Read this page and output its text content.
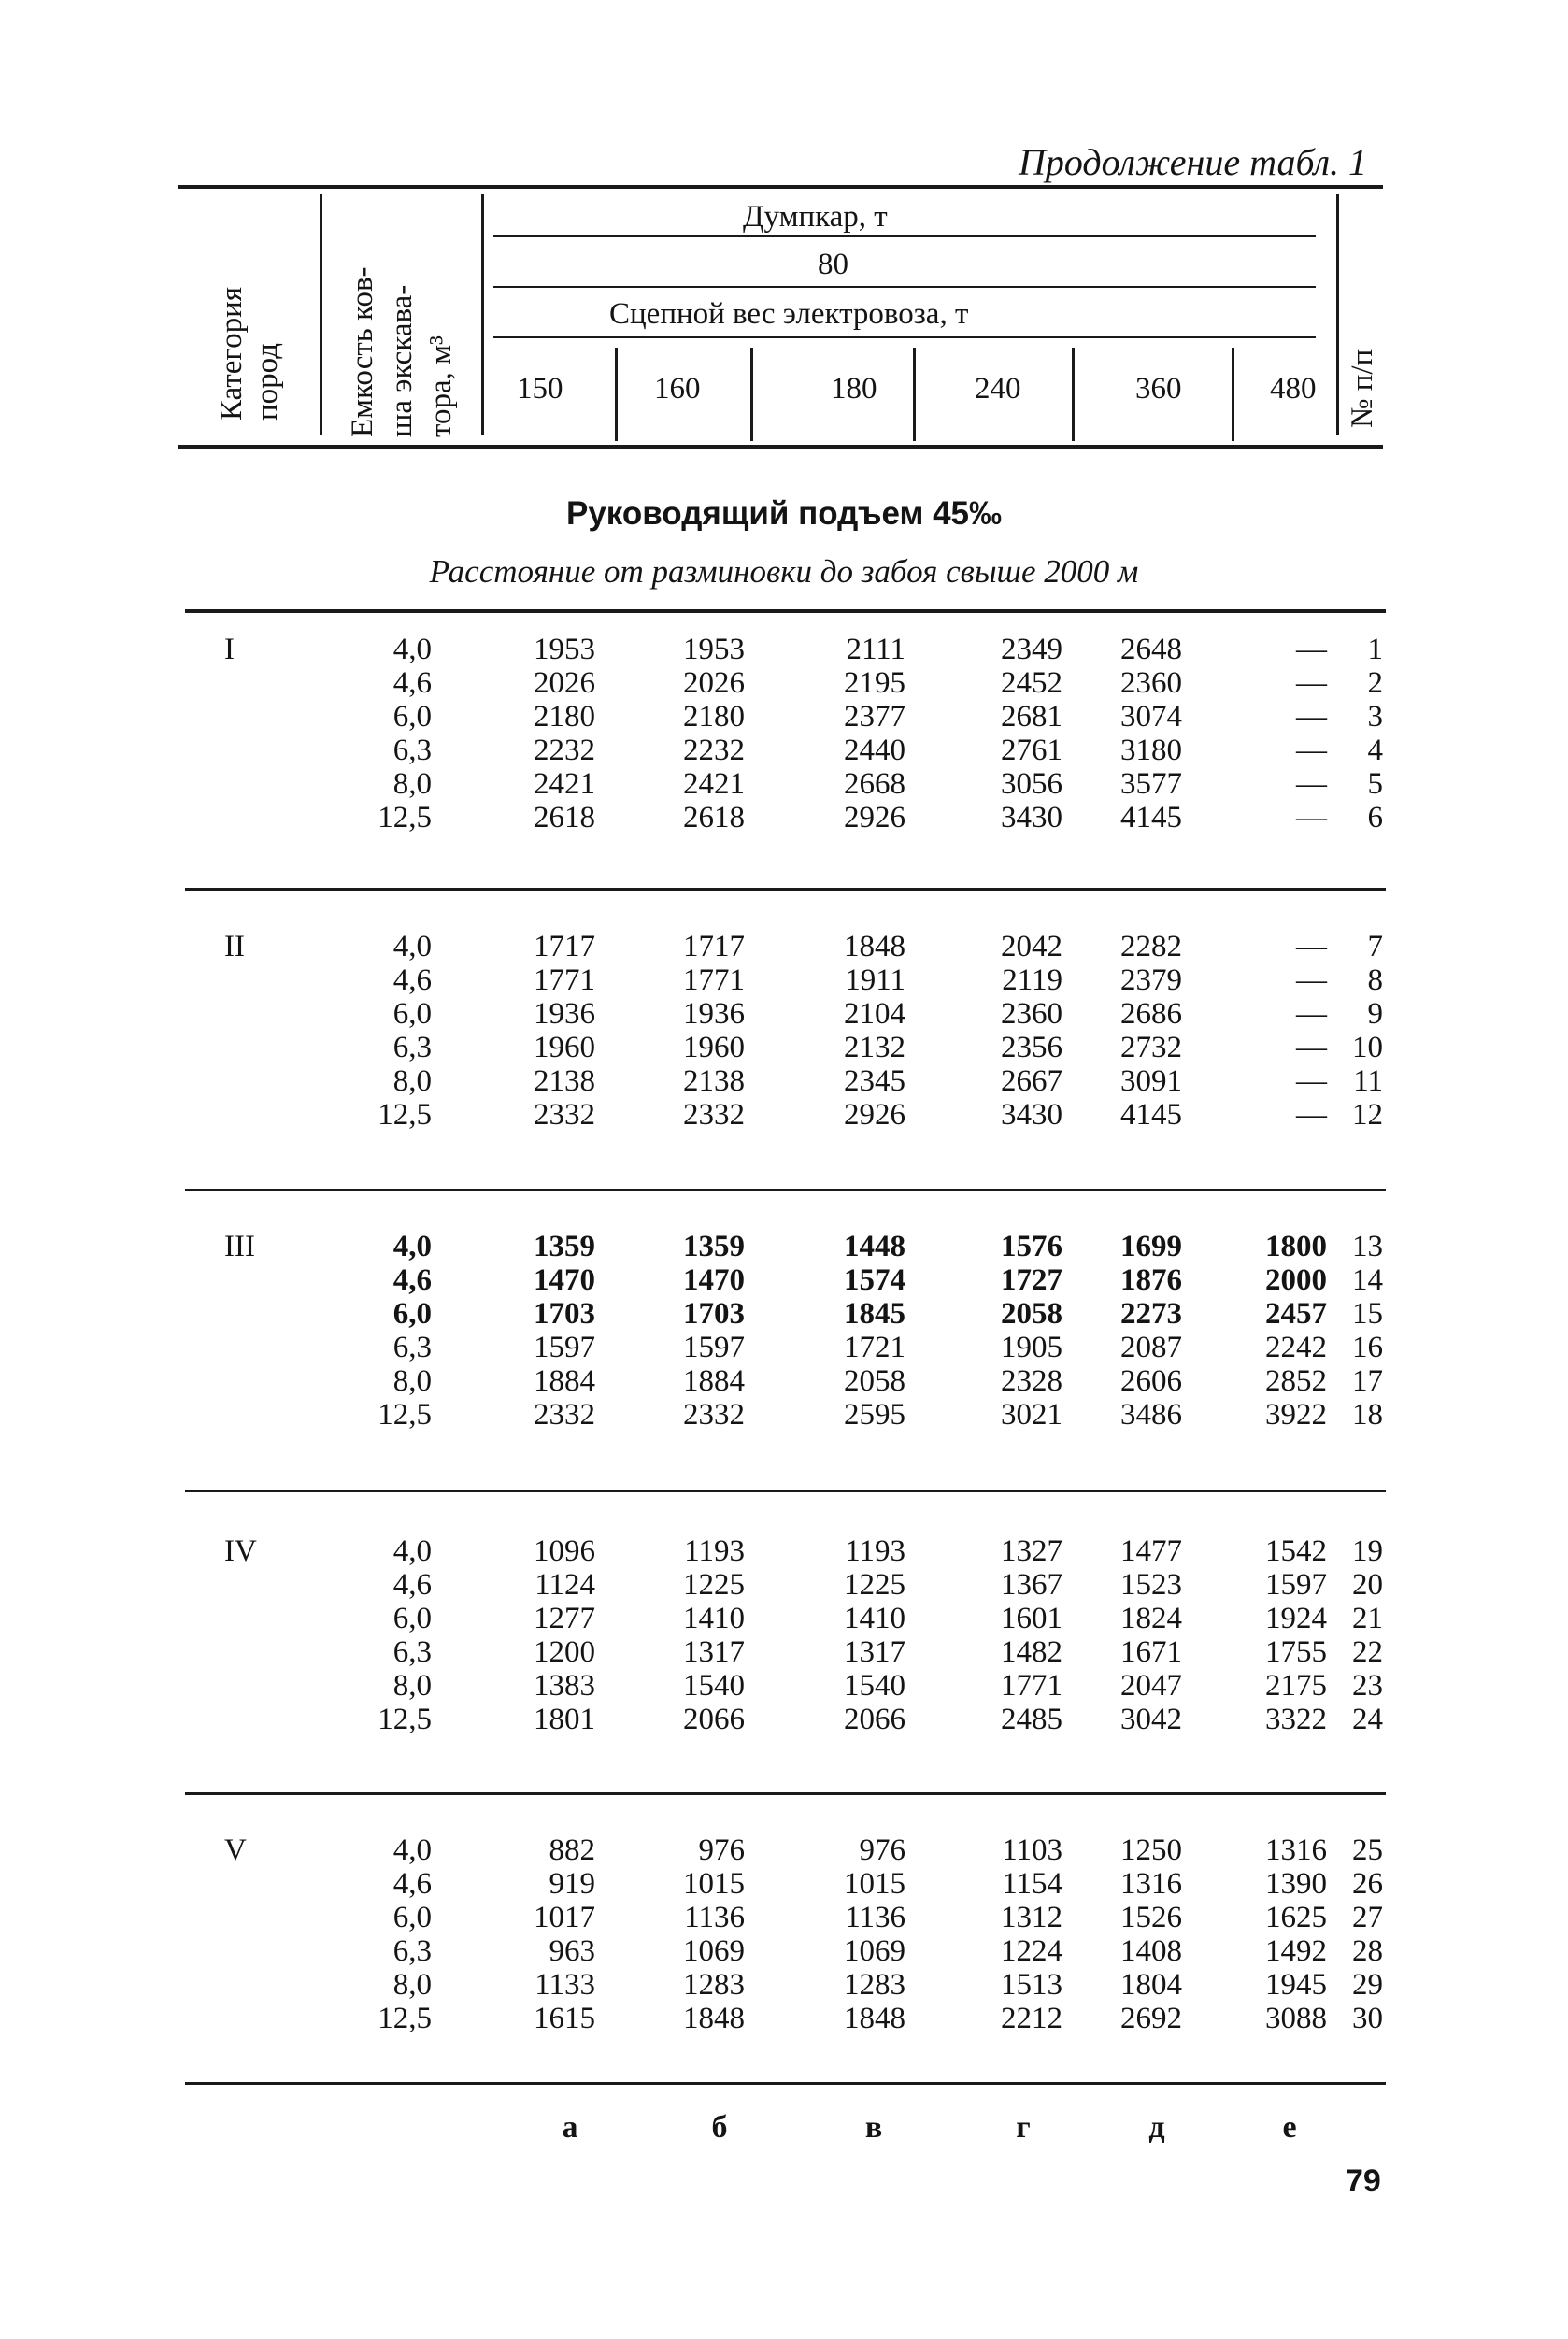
Продолжение табл. 1
Категория пород Емкость ков- ша экскава- тора, м³
Думпкар, т
80
Сцепной вес электровоза, т
150	160	180	240	360	480 № п/п
Руководящий подъем 45‰
Расстояние от разминовки до забоя свыше 2000 м
I	4,0	1953	1953	2111	2349	2648	—	1
4,6	2026	2026	2195	2452	2360	—	2
6,0	2180	2180	2377	2681	3074	—	3
6,3	2232	2232	2440	2761	3180	—	4
8,0	2421	2421	2668	3056	3577	—	5
12,5	2618	2618	2926	3430	4145	—	6
II	4,0	1717	1717	1848	2042	2282	—	7
4,6	1771	1771	1911	2119	2379	—	8
6,0	1936	1936	2104	2360	2686	—	9
6,3	1960	1960	2132	2356	2732	— 10
8,0	2138	2138	2345	2667	3091	— 11
12,5	2332	2332	2926	3430	4145	— 12
III	4,0	1359	1359	1448	1576	1699	1800 13
4,6	1470	1470	1574	1727	1876	2000 14
6,0	1703	1703	1845	2058	2273	2457 15
6,3	1597	1597	1721	1905	2087	2242 16
8,0	1884	1884	2058	2328	2606	2852 17
12,5	2332	2332	2595	3021	3486	3922 18
IV	4,0	1096	1193	1193	1327	1477	1542 19
4,6	1124	1225	1225	1367	1523	1597 20
6,0	1277	1410	1410	1601	1824	1924 21
6,3	1200	1317	1317	1482	1671	1755 22
8,0	1383	1540	1540	1771	2047	2175 23
12,5	1801	2066	2066	2485	3042	3322 24
V	4,0	882	976	976	1103	1250	1316 25
4,6	919	1015	1015	1154	1316	1390 26
6,0	1017	1136	1136	1312	1526	1625 27
6,3	963	1069	1069	1224	1408	1492 28
8,0	1133	1283	1283	1513	1804	1945 29
12,5	1615	1848	1848	2212	2692	3088 30
а	б	в	г	д	е
79
